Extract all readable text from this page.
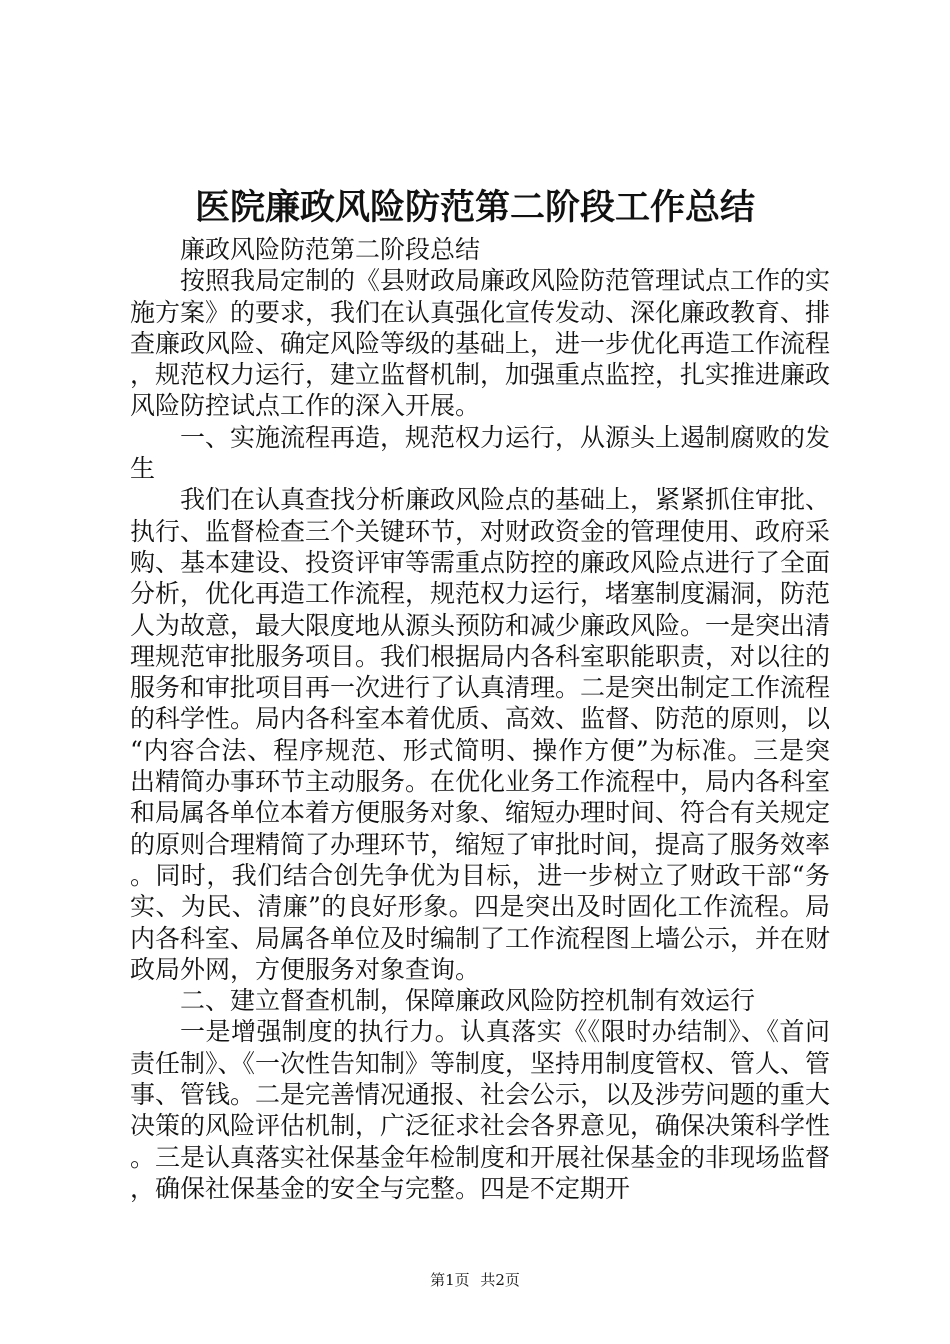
医院廉政风险防范第二阶段工作总结

廉政风险防范第二阶段总结

按照我局定制的《县财政局廉政风险防范管理试点工作的实施方案》的要求，我们在认真强化宣传发动、深化廉政教育、排查廉政风险、确定风险等级的基础上，进一步优化再造工作流程，规范权力运行，建立监督机制，加强重点监控，扎实推进廉政风险防控试点工作的深入开展。

一、实施流程再造，规范权力运行，从源头上遏制腐败的发生

我们在认真查找分析廉政风险点的基础上，紧紧抓住审批、执行、监督检查三个关键环节，对财政资金的管理使用、政府采购、基本建设、投资评审等需重点防控的廉政风险点进行了全面分析，优化再造工作流程，规范权力运行，堵塞制度漏洞，防范人为故意，最大限度地从源头预防和减少廉政风险。一是突出清理规范审批服务项目。我们根据局内各科室职能职责，对以往的服务和审批项目再一次进行了认真清理。二是突出制定工作流程的科学性。局内各科室本着优质、高效、监督、防范的原则，以“内容合法、程序规范、形式简明、操作方便”为标准。三是突出精简办事环节主动服务。在优化业务工作流程中，局内各科室和局属各单位本着方便服务对象、缩短办理时间、符合有关规定的原则合理精简了办理环节，缩短了审批时间，提高了服务效率。同时，我们结合创先争优为目标，进一步树立了财政干部“务实、为民、清廉”的良好形象。四是突出及时固化工作流程。局内各科室、局属各单位及时编制了工作流程图上墙公示，并在财政局外网，方便服务对象查询。

二、建立督查机制，保障廉政风险防控机制有效运行

一是增强制度的执行力。认真落实《《限时办结制》、《首问责任制》、《一次性告知制》等制度，坚持用制度管权、管人、管事、管钱。二是完善情况通报、社会公示，以及涉劳问题的重大决策的风险评估机制，广泛征求社会各界意见，确保决策科学性。三是认真落实社保基金年检制度和开展社保基金的非现场监督，确保社保基金的安全与完整。四是不定期开

第1页 共2页
